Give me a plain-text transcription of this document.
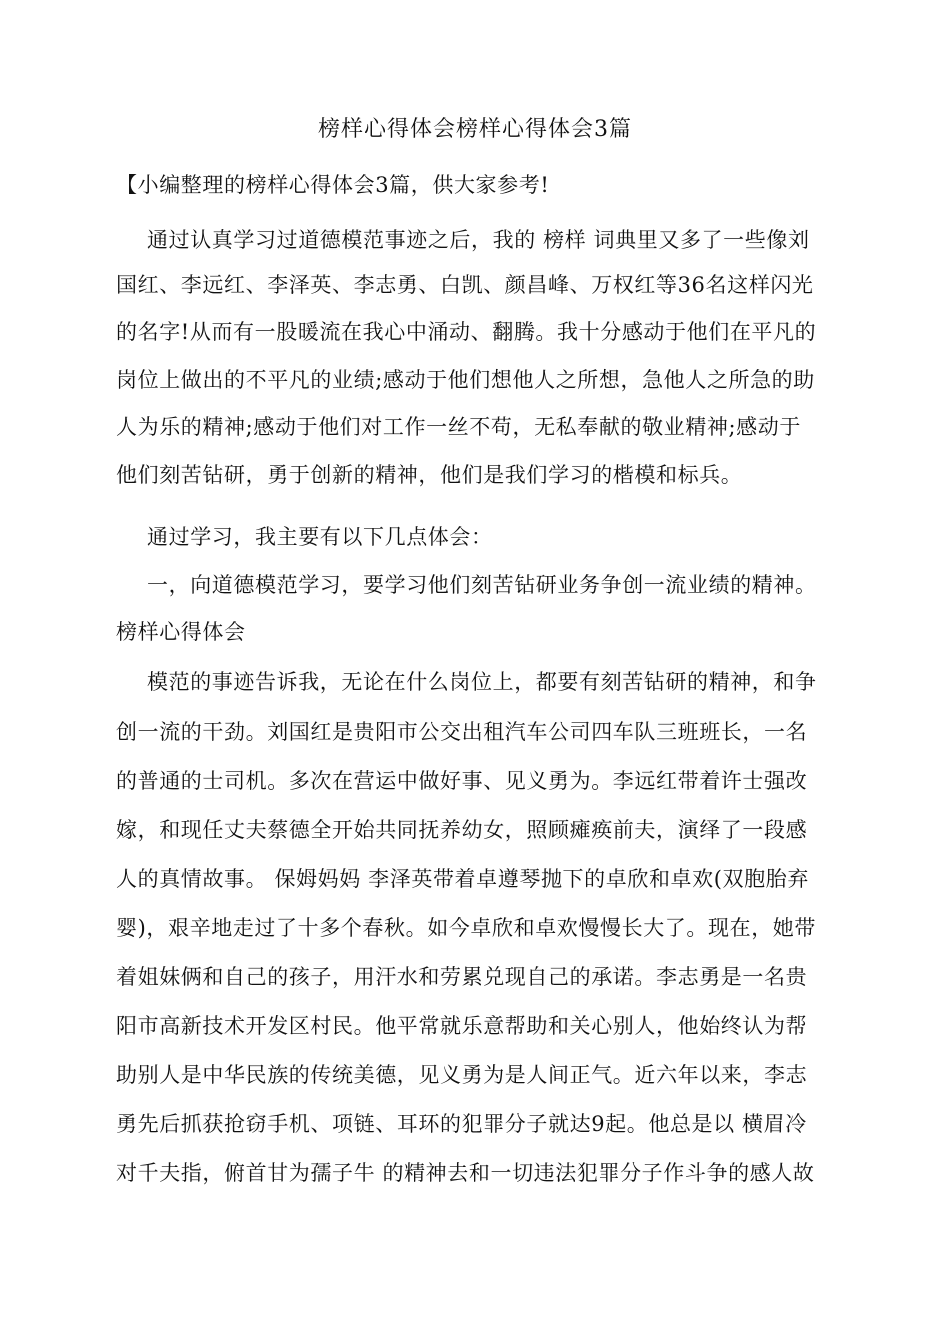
榜样心得体会榜样心得体会3篇
【小编整理的榜样心得体会3篇，供大家参考!
通过认真学习过道德模范事迹之后，我的 榜样 词典里又多了一些像刘
国红、李远红、李泽英、李志勇、白凯、颜昌峰、万权红等36名这样闪光
的名字!从而有一股暖流在我心中涌动、翻腾。我十分感动于他们在平凡的
岗位上做出的不平凡的业绩;感动于他们想他人之所想，急他人之所急的助
人为乐的精神;感动于他们对工作一丝不苟，无私奉献的敬业精神;感动于
他们刻苦钻研，勇于创新的精神，他们是我们学习的楷模和标兵。
通过学习，我主要有以下几点体会：
一，向道德模范学习，要学习他们刻苦钻研业务争创一流业绩的精神。
榜样心得体会
模范的事迹告诉我，无论在什么岗位上，都要有刻苦钻研的精神，和争
创一流的干劲。刘国红是贵阳市公交出租汽车公司四车队三班班长，一名
的普通的士司机。多次在营运中做好事、见义勇为。李远红带着许士强改
嫁，和现任丈夫蔡德全开始共同抚养幼女，照顾瘫痪前夫，演绎了一段感
人的真情故事。 保姆妈妈 李泽英带着卓遵琴抛下的卓欣和卓欢(双胞胎弃
婴)，艰辛地走过了十多个春秋。如今卓欣和卓欢慢慢长大了。现在，她带
着姐妹俩和自己的孩子，用汗水和劳累兑现自己的承诺。李志勇是一名贵
阳市高新技术开发区村民。他平常就乐意帮助和关心别人，他始终认为帮
助别人是中华民族的传统美德，见义勇为是人间正气。近六年以来，李志
勇先后抓获抢窃手机、项链、耳环的犯罪分子就达9起。他总是以 横眉冷
对千夫指，俯首甘为孺子牛 的精神去和一切违法犯罪分子作斗争的感人故
